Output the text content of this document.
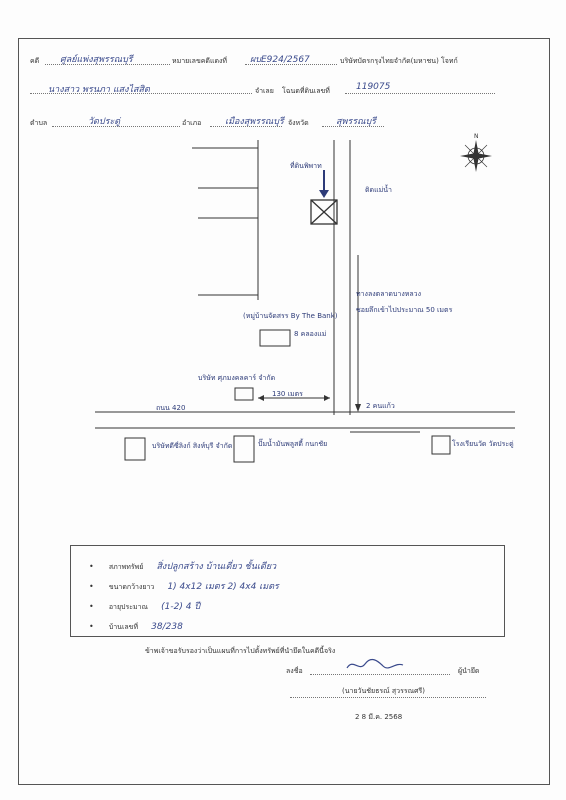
คดี ศูลย์แพ่งสุพรรณบุรี	หมายเลขคดีแดงที่	ผบE924/2567	บริษัทบัตรกรุงไทยจำกัด(มหาชน) โจทก์
นางสาว พรนภา แสงไสสิต	จำเลย โฉนดที่ดินเลขที่	119075
ตำบล	วัดประดู่	อำเภอ	เมืองสุพรรณบุรี จังหวัด	สุพรรณบุรี
N
ที่ดินพิพาท
ติดแม่น้ำ
ทางลงตลาดบางหลวง
ซอยลึกเข้าไปประมาณ 50 เมตร
(หมู่บ้านจัดสรร By The Bank)
8 คลองแม่
บริษัท ศุภมงคลคาร์ จำกัด
130 เมตร
ถนน 420	2 คนแก้ว
บริษัทดีซี่ลิงก์ สิงห์บุรี จำกัด	ปั๊มน้ำมันพลูสตี้ กนกชัย	โรงเรียนวัด วัดประดู่
• สภาพทรัพย์ สิ่งปลูกสร้าง บ้านเดี่ยว ชั้นเดียว
• ขนาดกว้างยาว 1) 4x12 เมตร 2) 4x4 เมตร
• อายุประมาณ (1-2) 4 ปี
• บ้านเลขที่ 38/238
ข้าพเจ้าขอรับรองว่าเป็นแผนที่การไปตั้งทรัพย์ที่นำยึดในคดีนี้จริง
ลงชื่อ	ผู้นำยึด
(นายวันชัยธรณ์ สุวรรณศรี)
2 8 มี.ค. 2568
